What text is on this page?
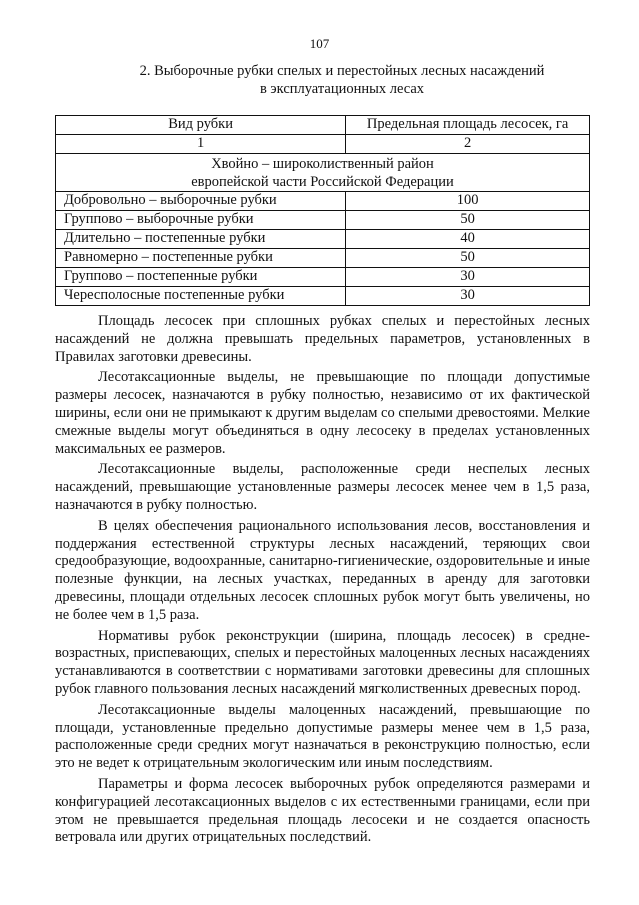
107
2. Выборочные рубки спелых и перестойных лесных насаждений
в эксплуатационных лесах
Вид рубки	Предельная площадь лесосек, га
1	2

Хвойно – широколиственный район
европейской части Российской Федерации	

Добровольно – выборочные рубки	100
Группово – выборочные рубки	50
Длительно – постепенные рубки	40
Равномерно – постепенные рубки	50
Группово – постепенные рубки	30
Чересполосные постепенные рубки	30

Площадь лесосек при сплошных рубках спелых и перестойных лесных насаждений не должна превышать предельных параметров, установленных в Правилах заготовки древесины.

Лесотаксационные выделы, не превышающие по площади допустимые размеры лесосек, назначаются в рубку полностью, независимо от их фактической ширины, если они не примыкают к другим выделам со спелыми древостоями. Мелкие смежные выделы могут объединяться в одну лесосеку в пределах установленных максимальных ее размеров.

Лесотаксационные выделы, расположенные среди неспелых лесных насаждений, превышающие установленные размеры лесосек менее чем в 1,5 раза, назначаются в рубку полностью.

В целях обеспечения рационального использования лесов, восстановления и поддержания естественной структуры лесных насаждений, теряющих свои средообразующие, водоохранные, санитарно-гигиенические, оздоровительные и иные полезные функции, на лесных участках, переданных в аренду для заготовки древесины, площади отдельных лесосек сплошных рубок могут быть увеличены, но не более чем в 1,5 раза.

Нормативы рубок реконструкции (ширина, площадь лесосек) в средне-возрастных, приспевающих, спелых и перестойных малоценных лесных насаждениях устанавливаются в соответствии с нормативами заготовки древесины для сплошных рубок главного пользования лесных насаждений мягколиственных древесных пород.

Лесотаксационные выделы малоценных насаждений, превышающие по площади, установленные предельно допустимые размеры менее чем в 1,5 раза, расположенные среди средних могут назначаться в реконструкцию полностью, если это не ведет к отрицательным экологическим или иным последствиям.

Параметры и форма лесосек выборочных рубок определяются размерами и конфигурацией лесотаксационных выделов с их естественными границами, если при этом не превышается предельная площадь лесосеки и не создается опасность ветровала или других отрицательных последствий.
